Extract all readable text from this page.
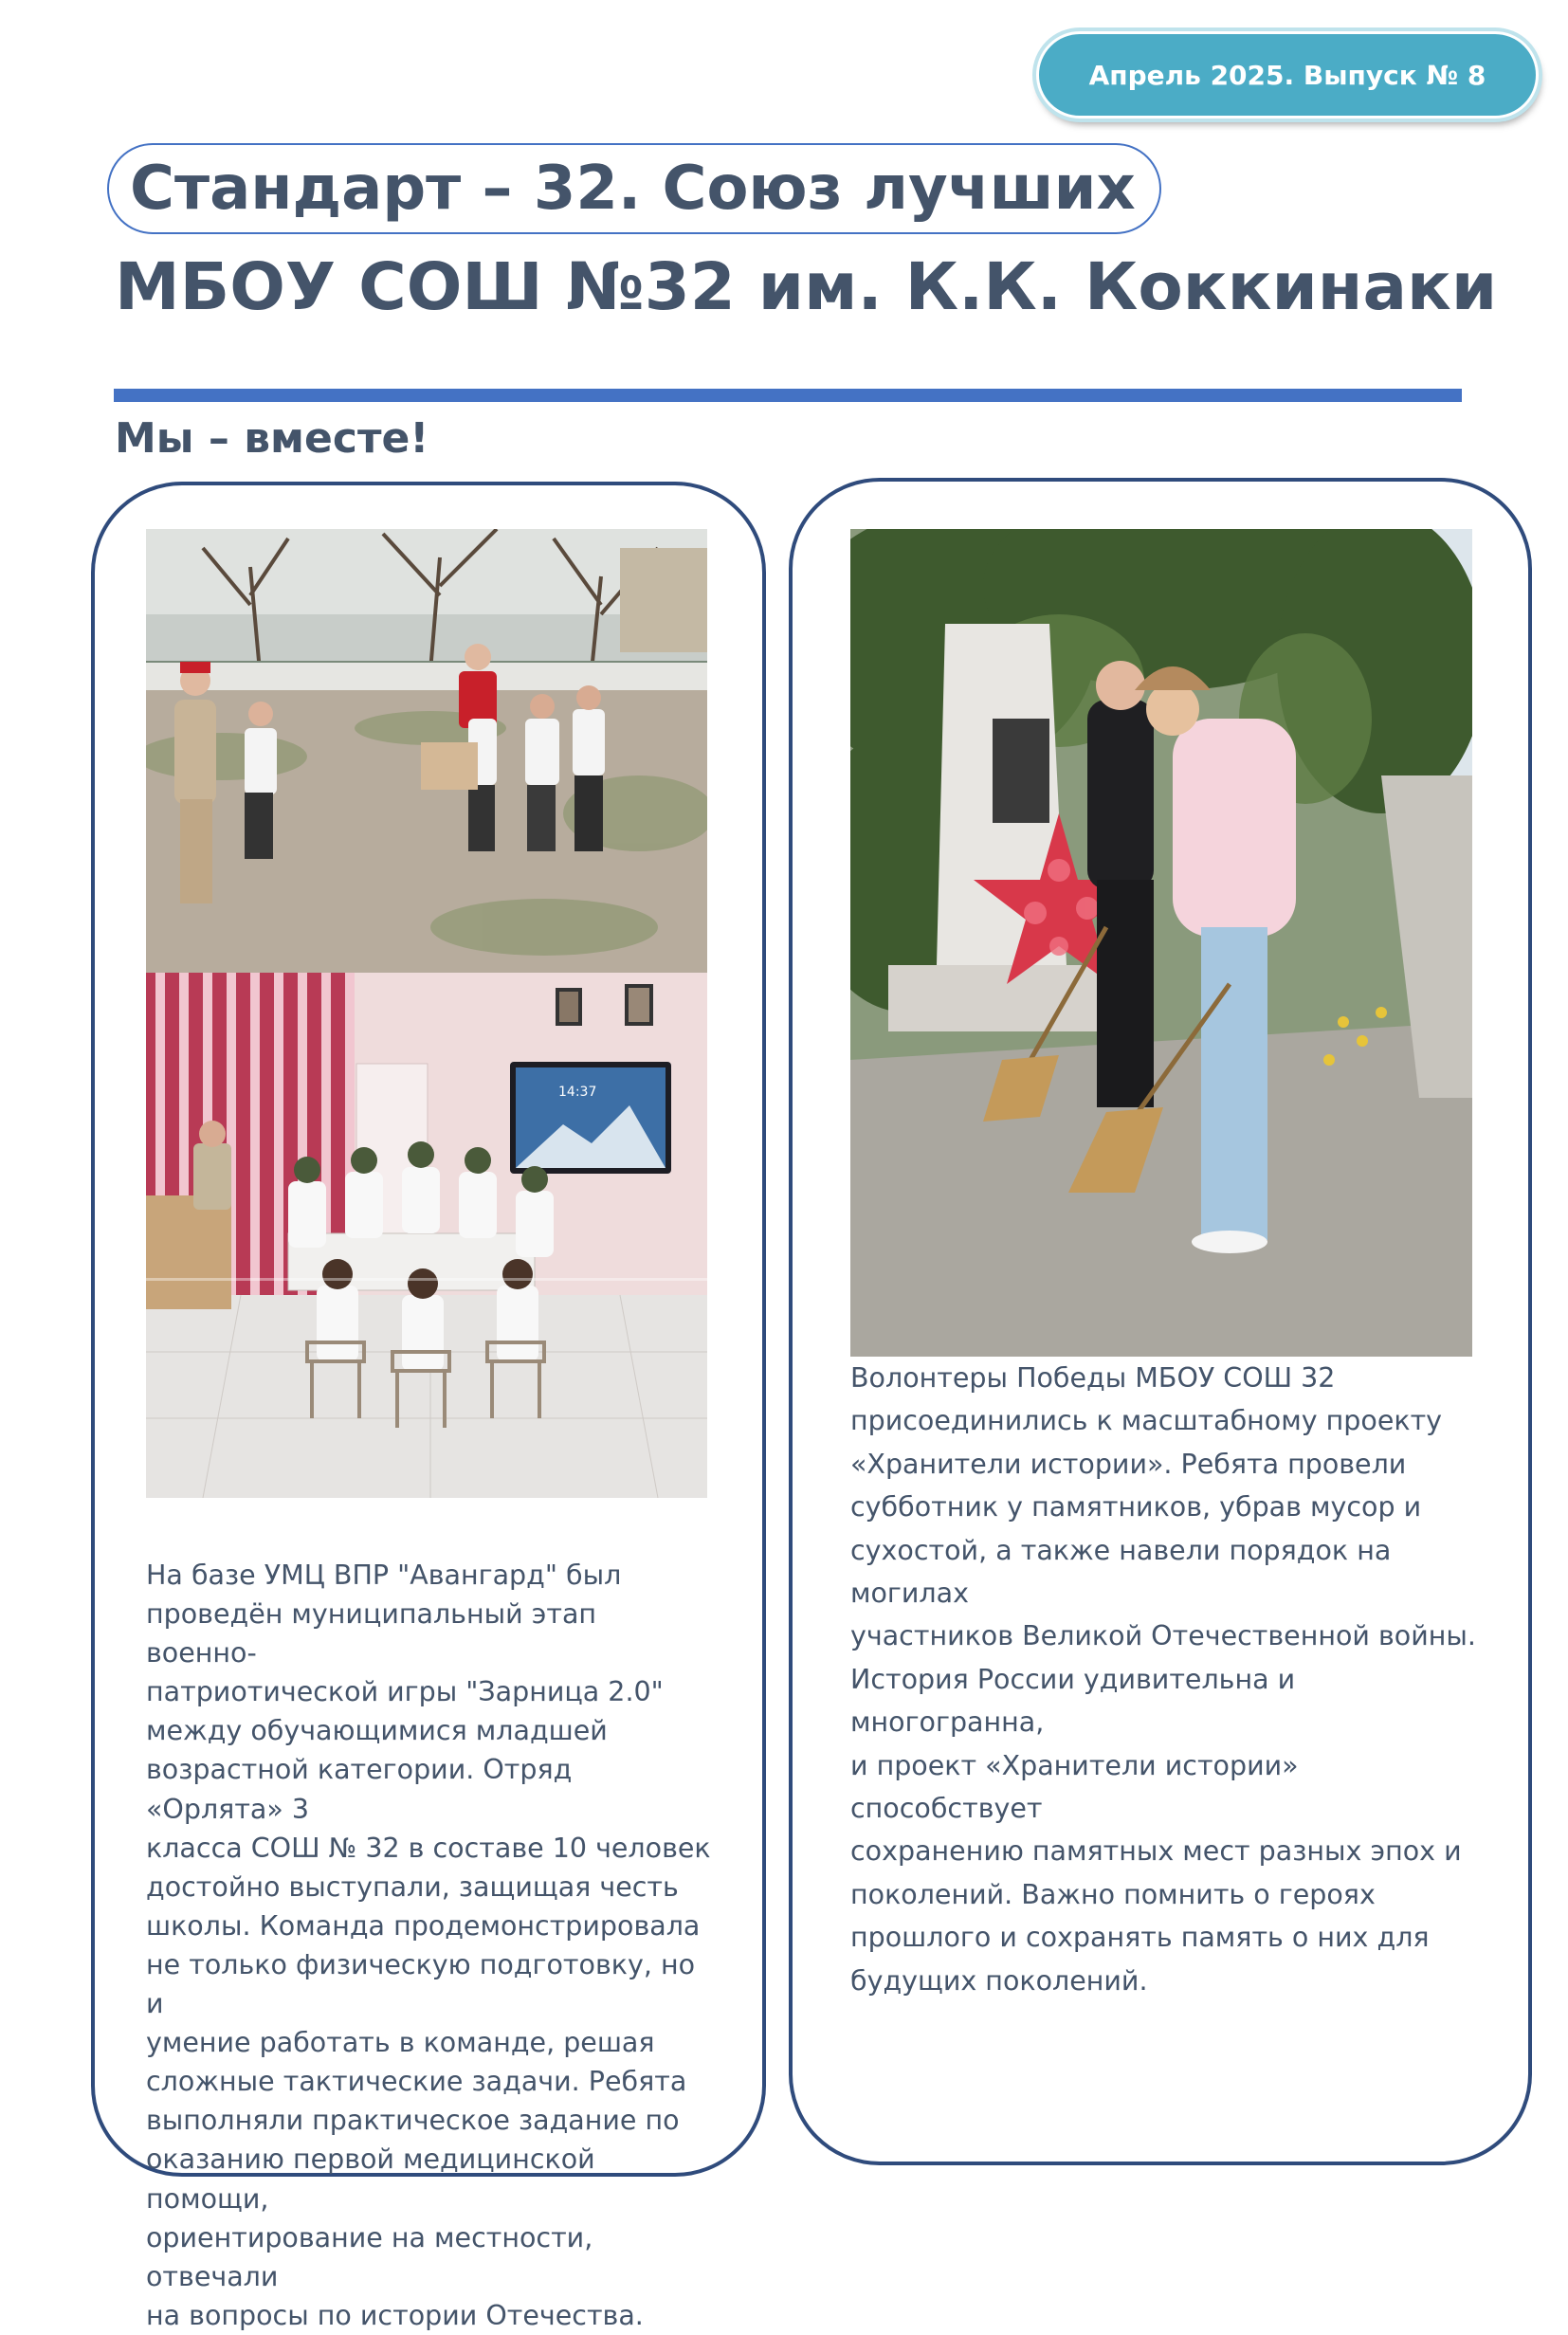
Апрель 2025. Выпуск № 8
Стандарт – 32. Союз лучших
МБОУ СОШ №32 им. К.К. Коккинаки
Мы – вместе!
14:37

На базе УМЦ ВПР "Авангард" был
проведён муниципальный этап военно-
патриотической игры "Зарница 2.0"
между обучающимися младшей
возрастной категории. Отряд «Орлята» 3
класса СОШ № 32 в составе 10 человек
достойно выступали, защищая честь
школы. Команда продемонстрировала
не только физическую подготовку, но и
умение работать в команде, решая
сложные тактические задачи. Ребята
выполняли практическое задание по
оказанию первой медицинской помощи,
ориентирование на местности, отвечали
на вопросы по истории Отечества.

Волонтеры Победы МБОУ СОШ 32
присоединились к масштабному проекту
«Хранители истории». Ребята провели
субботник у памятников, убрав мусор и
сухостой, а также навели порядок на могилах
участников Великой Отечественной войны.
История России удивительна и многогранна,
и проект «Хранители истории» способствует
сохранению памятных мест разных эпох и
поколений. Важно помнить о героях
прошлого и сохранять память о них для
будущих поколений.
